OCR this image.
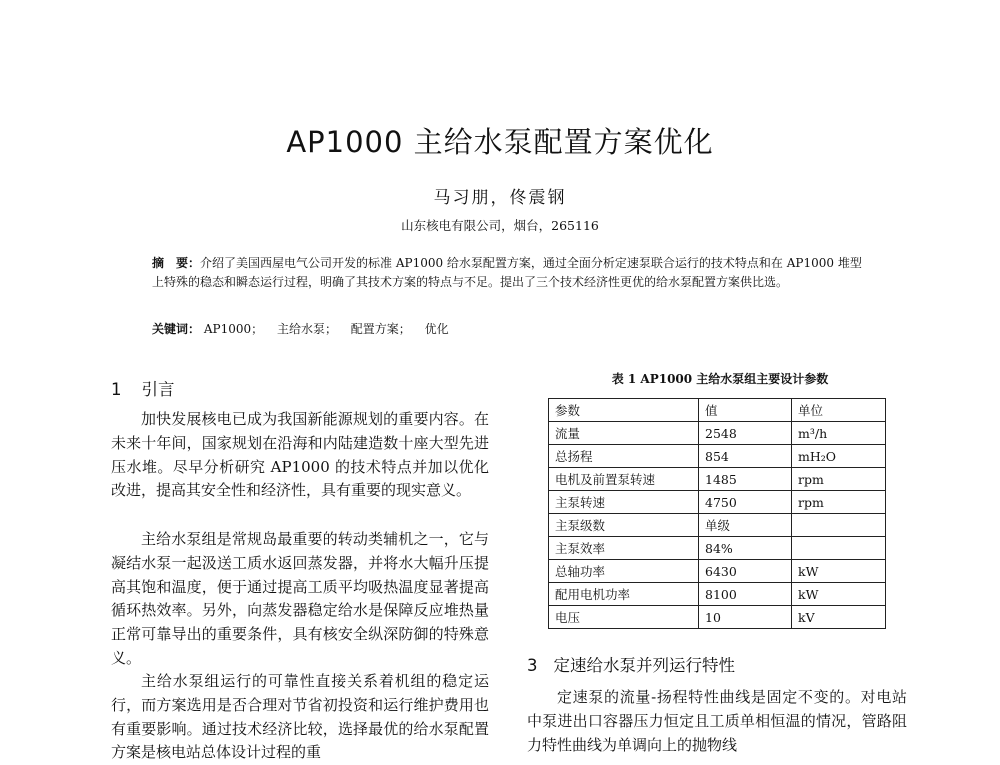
AP1000 主给水泵配置方案优化
马习朋，佟震钢
山东核电有限公司，烟台，265116
摘　要：介绍了美国西屋电气公司开发的标准 AP1000 给水泵配置方案，通过全面分析定速泵联合运行的技术特点和在 AP1000 堆型上特殊的稳态和瞬态运行过程，明确了其技术方案的特点与不足。提出了三个技术经济性更优的给水泵配置方案供比选。
关键词： AP1000； 主给水泵； 配置方案； 优化
1 引言
加快发展核电已成为我国新能源规划的重要内容。在未来十年间，国家规划在沿海和内陆建造数十座大型先进压水堆。尽早分析研究 AP1000 的技术特点并加以优化改进，提高其安全性和经济性，具有重要的现实意义。
主给水泵组是常规岛最重要的转动类辅机之一，它与凝结水泵一起汲送工质水返回蒸发器，并将水大幅升压提高其饱和温度，便于通过提高工质平均吸热温度显著提高循环热效率。另外，向蒸发器稳定给水是保障反应堆热量正常可靠导出的重要条件，具有核安全纵深防御的特殊意义。
主给水泵组运行的可靠性直接关系着机组的稳定运行，而方案选用是否合理对节省初投资和运行维护费用也有重要影响。通过技术经济比较，选择最优的给水泵配置方案是核电站总体设计过程的重
表 1 AP1000 主给水泵组主要设计参数
参数	值	单位
流量	2548	m³/h
总扬程	854	mH₂O
电机及前置泵转速	1485	rpm
主泵转速	4750	rpm
主泵级数	单级	
主泵效率	84%	
总轴功率	6430	kW
配用电机功率	8100	kW
电压	10	kV
3 定速给水泵并列运行特性
定速泵的流量-扬程特性曲线是固定不变的。对电站中泵进出口容器压力恒定且工质单相恒温的情况，管路阻力特性曲线为单调向上的抛物线
